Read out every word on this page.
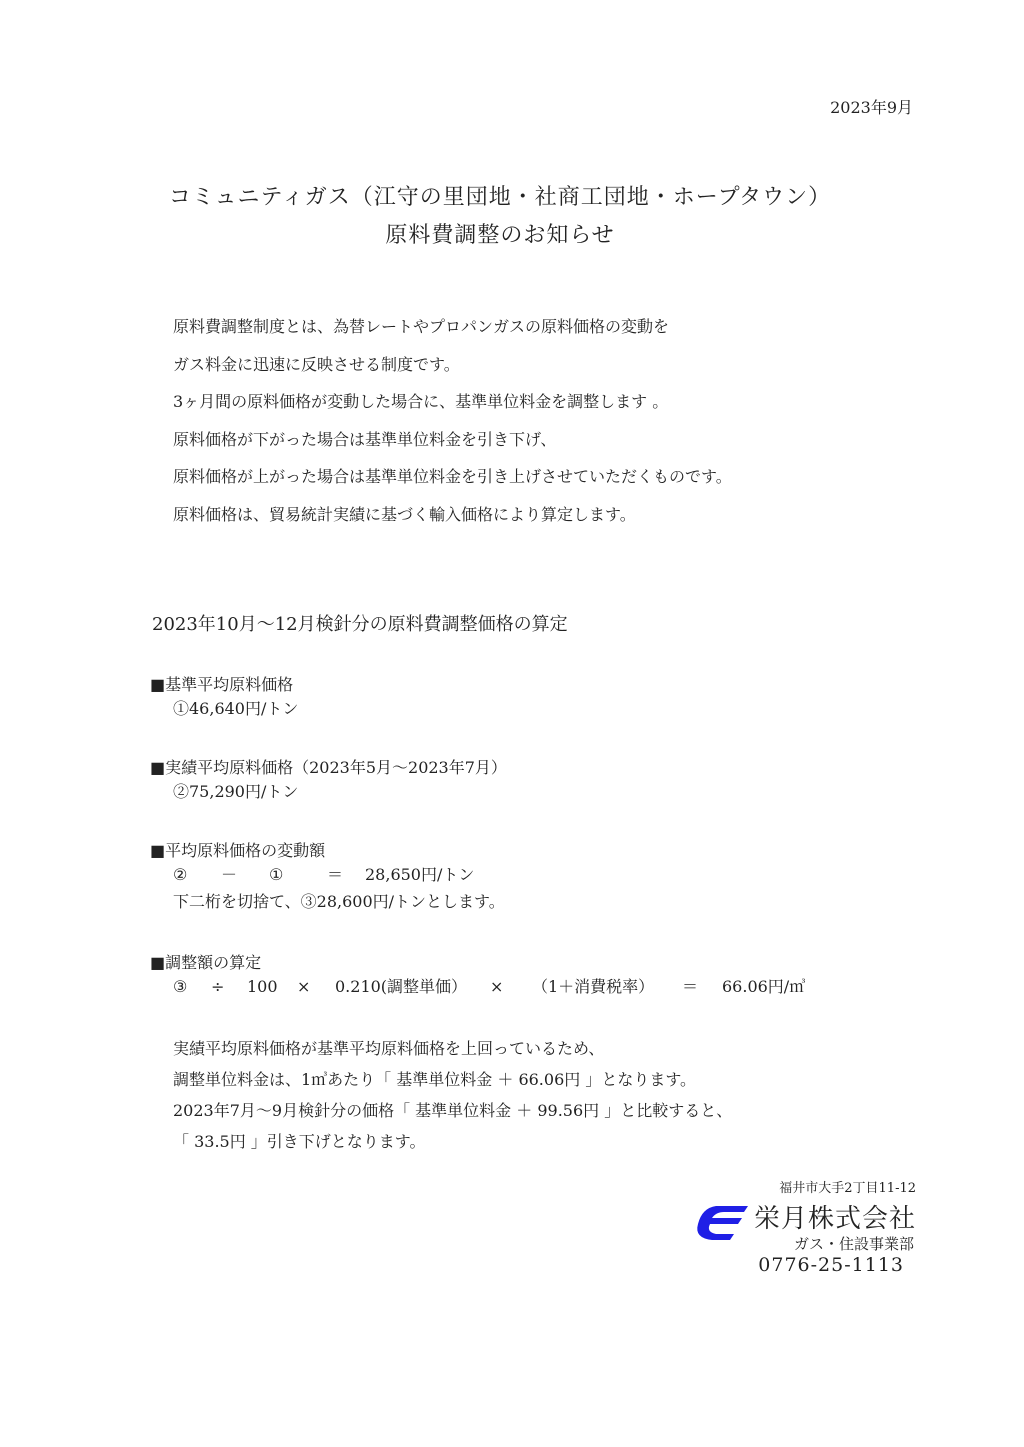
2023年9月
コミュニティガス（江守の里団地・社商工団地・ホープタウン）
原料費調整のお知らせ
原料費調整制度とは、為替レートやプロパンガスの原料価格の変動を
ガス料金に迅速に反映させる制度です。
3ヶ月間の原料価格が変動した場合に、基準単位料金を調整します 。
原料価格が下がった場合は基準単位料金を引き下げ、
原料価格が上がった場合は基準単位料金を引き上げさせていただくものです。
原料価格は、貿易統計実績に基づく輸入価格により算定します。
2023年10月～12月検針分の原料費調整価格の算定
■基準平均原料価格
①46,640円/トン
■実績平均原料価格（2023年5月～2023年7月）
②75,290円/トン
■平均原料価格の変動額
② － ①	＝ 28,650円/トン
下二桁を切捨て、③28,600円/トンとします。
■調整額の算定
③ ÷ 100 × 0.210(調整単価） × （1＋消費税率） ＝ 66.06円/㎥
実績平均原料価格が基準平均原料価格を上回っているため、
調整単位料金は、1㎥あたり「 基準単位料金 ＋ 66.06円 」となります。
2023年7月～9月検針分の価格「 基準単位料金 ＋ 99.56円 」と比較すると、
「 33.5円 」引き下げとなります。
福井市大手2丁目11-12
栄月株式会社
ガス・住設事業部
0776-25-1113
